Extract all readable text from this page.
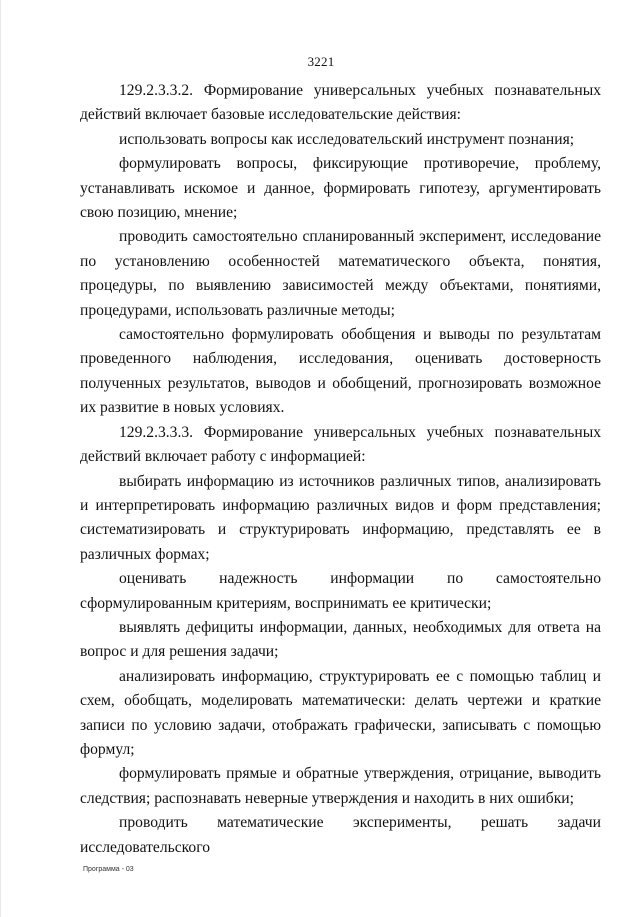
3221

129.2.3.3.2. Формирование универсальных учебных познавательных действий включает базовые исследовательские действия:

использовать вопросы как исследовательский инструмент познания;

формулировать вопросы, фиксирующие противоречие, проблему, устанавливать искомое и данное, формировать гипотезу, аргументировать свою позицию, мнение;

проводить самостоятельно спланированный эксперимент, исследование по установлению особенностей математического объекта, понятия, процедуры, по выявлению зависимостей между объектами, понятиями, процедурами, использовать различные методы;

самостоятельно формулировать обобщения и выводы по результатам проведенного наблюдения, исследования, оценивать достоверность полученных результатов, выводов и обобщений, прогнозировать возможное их развитие в новых условиях.

129.2.3.3.3. Формирование универсальных учебных познавательных действий включает работу с информацией:

выбирать информацию из источников различных типов, анализировать и интерпретировать информацию различных видов и форм представления; систематизировать и структурировать информацию, представлять ее в различных формах;

оценивать надежность информации по самостоятельно сформулированным критериям, воспринимать ее критически;

выявлять дефициты информации, данных, необходимых для ответа на вопрос и для решения задачи;

анализировать информацию, структурировать ее с помощью таблиц и схем, обобщать, моделировать математически: делать чертежи и краткие записи по условию задачи, отображать графически, записывать с помощью формул;

формулировать прямые и обратные утверждения, отрицание, выводить следствия; распознавать неверные утверждения и находить в них ошибки;

проводить математические эксперименты, решать задачи исследовательского

Программа - 03
